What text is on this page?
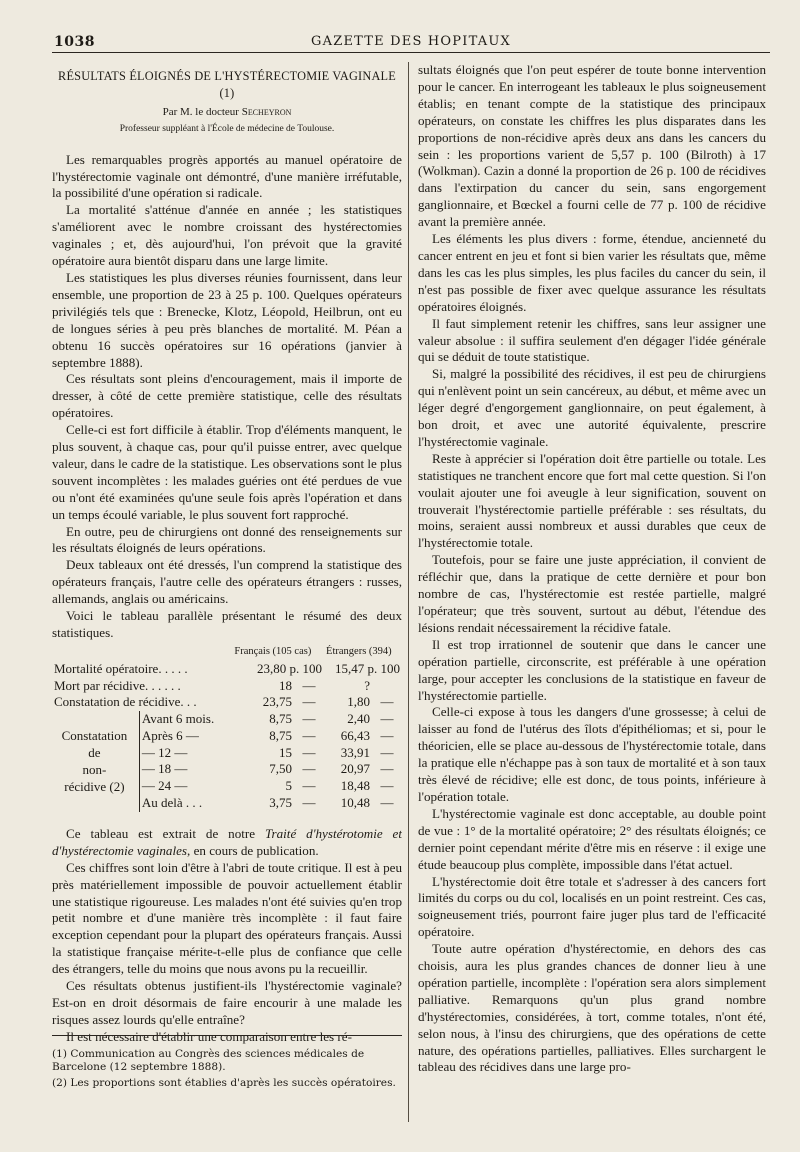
1038	GAZETTE DES HOPITAUX
RÉSULTATS ÉLOIGNÉS DE L'HYSTÉRECTOMIE VAGINALE (1)
Par M. le docteur Secheyron
Professeur suppléant à l'École de médecine de Toulouse.

Les remarquables progrès apportés au manuel opératoire de l'hystérectomie vaginale ont démontré, d'une manière irréfutable, la possibilité d'une opération si radicale.

La mortalité s'atténue d'année en année ; les statistiques s'améliorent avec le nombre croissant des hystérectomies vaginales ; et, dès aujourd'hui, l'on prévoit que la gravité opératoire aura bientôt disparu dans une large limite.

Les statistiques les plus diverses réunies fournissent, dans leur ensemble, une proportion de 23 à 25 p. 100. Quelques opérateurs privilégiés tels que : Brenecke, Klotz, Léopold, Heilbrun, ont eu de longues séries à peu près blanches de mortalité. M. Péan a obtenu 16 succès opératoires sur 16 opérations (janvier à septembre 1888).

Ces résultats sont pleins d'encouragement, mais il importe de dresser, à côté de cette première statistique, celle des résultats opératoires.

Celle-ci est fort difficile à établir. Trop d'éléments manquent, le plus souvent, à chaque cas, pour qu'il puisse entrer, avec quelque valeur, dans le cadre de la statistique. Les observations sont le plus souvent incomplètes : les malades guéries ont été perdues de vue ou n'ont été examinées qu'une seule fois après l'opération et dans un temps écoulé variable, le plus souvent fort rapproché.

En outre, peu de chirurgiens ont donné des renseignements sur les résultats éloignés de leurs opérations.

Deux tableaux ont été dressés, l'un comprend la statistique des opérateurs français, l'autre celle des opérateurs étrangers : russes, allemands, anglais ou américains.

Voici le tableau parallèle présentant le résumé des deux statistiques.

		Français (105 cas)		Étrangers (394)	
Mortalité opératoire. . . . .		23,80 p. 100		15,47 p. 100	
Mort par récidive. . . . . .		18	—	?	
Constatation de récidive. . .		23,75	—	1,80	—

Constatation
de
non-
récidive (2)	Avant 6 mois.	8,75	—	2,40	—
	Après 6 —	8,75	—	66,43	—
	— 12 —	15	—	33,91	—
	— 18 —	7,50	—	20,97	—
	— 24 —	5	—	18,48	—
	Au delà . . .	3,75	—	10,48	—

Ce tableau est extrait de notre Traité d'hystérotomie et d'hystérectomie vaginales, en cours de publication.

Ces chiffres sont loin d'être à l'abri de toute critique. Il est à peu près matériellement impossible de pouvoir actuellement établir une statistique rigoureuse. Les malades n'ont été suivies qu'en trop petit nombre et d'une manière très incomplète : il faut faire exception cependant pour la plupart des opérateurs français. Aussi la statistique française mérite-t-elle plus de confiance que celle des étrangers, telle du moins que nous avons pu la recueillir.

Ces résultats obtenus justifient-ils l'hystérectomie vaginale? Est-on en droit désormais de faire encourir à une malade les risques assez lourds qu'elle entraîne?

Il est nécessaire d'établir une comparaison entre les ré-

(1) Communication au Congrès des sciences médicales de Barcelone (12 septembre 1888).
(2) Les proportions sont établies d'après les succès opératoires.

sultats éloignés que l'on peut espérer de toute bonne intervention pour le cancer. En interrogeant les tableaux le plus soigneusement établis; en tenant compte de la statistique des principaux opérateurs, on constate les chiffres les plus disparates dans les proportions de non-récidive après deux ans dans les cancers du sein : les proportions varient de 5,57 p. 100 (Bilroth) à 17 (Wolkman). Cazin a donné la proportion de 26 p. 100 de récidives dans l'extirpation du cancer du sein, sans engorgement ganglionnaire, et Bœckel a fourni celle de 77 p. 100 de récidive avant la première année.

Les éléments les plus divers : forme, étendue, ancienneté du cancer entrent en jeu et font si bien varier les résultats que, même dans les cas les plus simples, les plus faciles du cancer du sein, il n'est pas possible de fixer avec quelque assurance les résultats opératoires éloignés.

Il faut simplement retenir les chiffres, sans leur assigner une valeur absolue : il suffira seulement d'en dégager l'idée générale qui se déduit de toute statistique.

Si, malgré la possibilité des récidives, il est peu de chirurgiens qui n'enlèvent point un sein cancéreux, au début, et même avec un léger degré d'engorgement ganglionnaire, on peut également, à bon droit, et avec une autorité équivalente, prescrire l'hystérectomie vaginale.

Reste à apprécier si l'opération doit être partielle ou totale. Les statistiques ne tranchent encore que fort mal cette question. Si l'on voulait ajouter une foi aveugle à leur signification, souvent on trouverait l'hystérectomie partielle préférable : ses résultats, du moins, seraient aussi nombreux et aussi durables que ceux de l'hystérectomie totale.

Toutefois, pour se faire une juste appréciation, il convient de réfléchir que, dans la pratique de cette dernière et pour bon nombre de cas, l'hystérectomie est restée partielle, malgré l'opérateur; que très souvent, surtout au début, l'étendue des lésions rendait nécessairement la récidive fatale.

Il est trop irrationnel de soutenir que dans le cancer une opération partielle, circonscrite, est préférable à une opération large, pour accepter les conclusions de la statistique en faveur de l'hystérectomie partielle.

Celle-ci expose à tous les dangers d'une grossesse; à celui de laisser au fond de l'utérus des îlots d'épithéliomas; et si, pour le théoricien, elle se place au-dessous de l'hystérectomie totale, dans la pratique elle n'échappe pas à son taux de mortalité et à son taux très élevé de récidive; elle est donc, de tous points, inférieure à l'opération totale.

L'hystérectomie vaginale est donc acceptable, au double point de vue : 1° de la mortalité opératoire; 2° des résultats éloignés; ce dernier point cependant mérite d'être mis en réserve : il exige une étude beaucoup plus complète, impossible dans l'état actuel.

L'hystérectomie doit être totale et s'adresser à des cancers fort limités du corps ou du col, localisés en un point restreint. Ces cas, soigneusement triés, pourront faire juger plus tard de l'efficacité opératoire.

Toute autre opération d'hystérectomie, en dehors des cas choisis, aura les plus grandes chances de donner lieu à une opération partielle, incomplète : l'opération sera alors simplement palliative. Remarquons qu'un plus grand nombre d'hystérectomies, considérées, à tort, comme totales, n'ont été, selon nous, à l'insu des chirurgiens, que des opérations de cette nature, des opérations partielles, palliatives. Elles surchargent le tableau des récidives dans une large pro-
